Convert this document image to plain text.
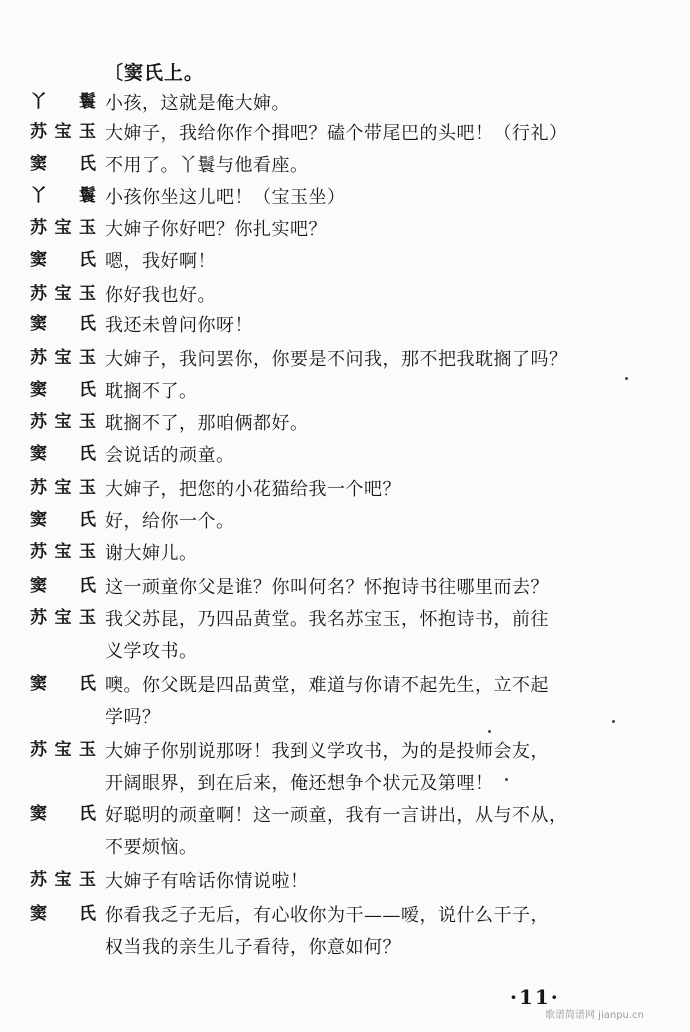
〔窦氏上。
丫 鬟 小孩，这就是俺大婶。
苏宝玉 大婶子，我给你作个揖吧？磕个带尾巴的头吧！（行礼）
窦 氏 不用了。丫鬟与他看座。
丫 鬟 小孩你坐这儿吧！（宝玉坐）
苏宝玉 大婶子你好吧？你扎实吧？
窦 氏 嗯，我好啊！
苏宝玉 你好我也好。
窦 氏 我还未曾问你呀！
苏宝玉 大婶子，我问罢你，你要是不问我，那不把我耽搁了吗？
窦 氏 耽搁不了。
苏宝玉 耽搁不了，那咱俩都好。
窦 氏 会说话的顽童。
苏宝玉 大婶子，把您的小花猫给我一个吧？
窦 氏 好，给你一个。
苏宝玉 谢大婶儿。
窦 氏 这一顽童你父是谁？你叫何名？怀抱诗书往哪里而去？
苏宝玉 我父苏昆，乃四品黄堂。我名苏宝玉，怀抱诗书，前往
义学攻书。
窦 氏 噢。你父既是四品黄堂，难道与你请不起先生，立不起
学吗？
苏宝玉 大婶子你别说那呀！我到义学攻书，为的是投师会友，
开阔眼界，到在后来，俺还想争个状元及第哩！
窦 氏 好聪明的顽童啊！这一顽童，我有一言讲出，从与不从，
不要烦恼。
苏宝玉 大婶子有啥话你情说啦！
窦 氏 你看我乏子无后，有心收你为干——嗳，说什么干子，
权当我的亲生儿子看待，你意如何？
·11·
歌谱简谱网 jianpu.cn
